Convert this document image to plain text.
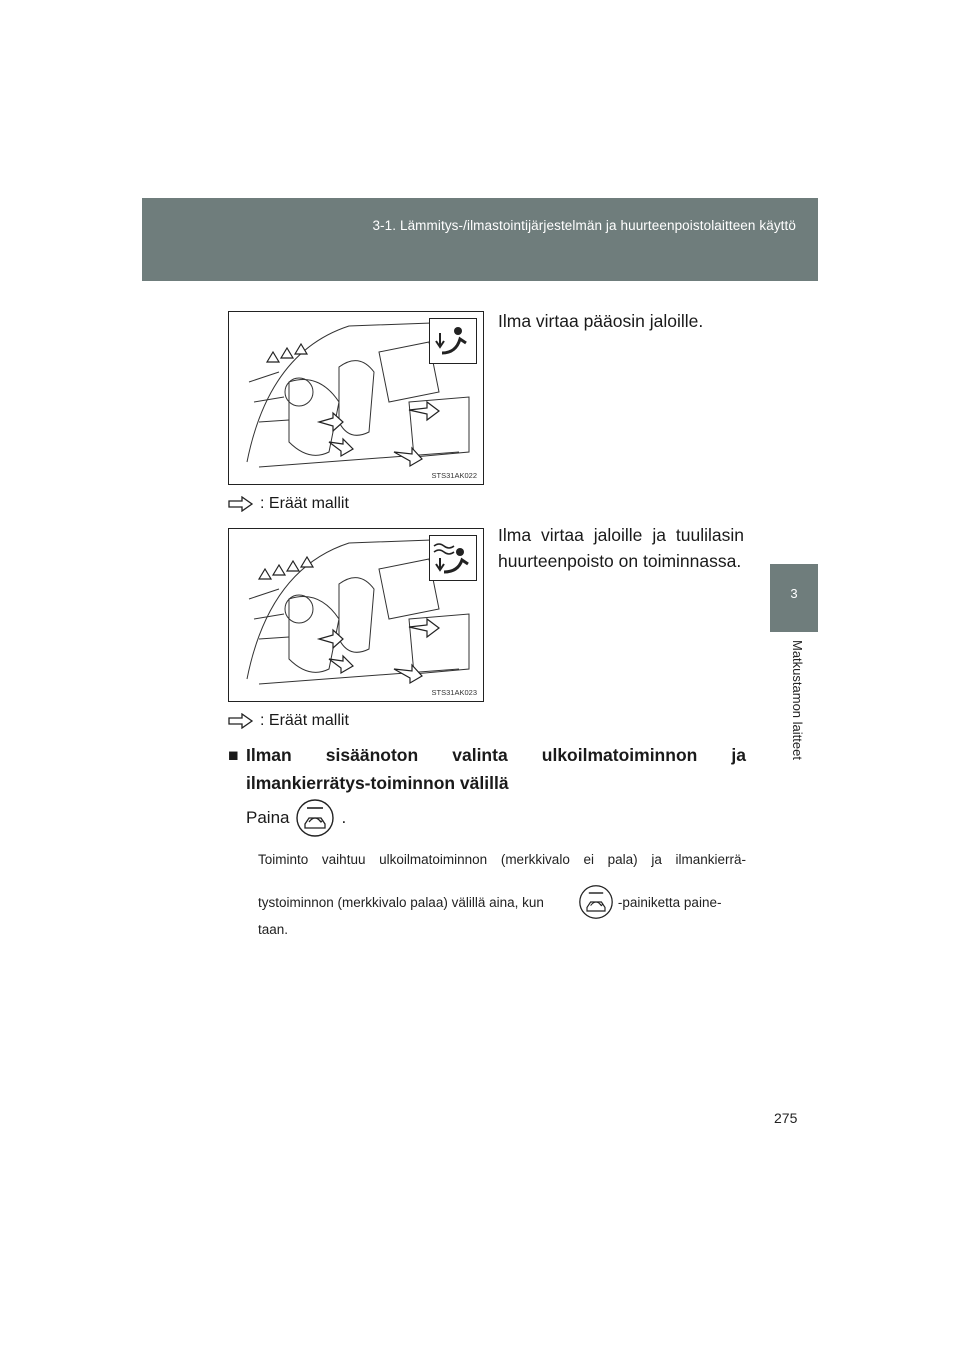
3-1. Lämmitys-/ilmastointijärjestelmän ja huurteenpoistolaitteen käyttö
3
Matkustamon laitteet
STS31AK022
Ilma virtaa pääosin jaloille.
: Eräät mallit
STS31AK023
Ilma virtaa jaloille ja tuulilasin huurteenpoisto on toiminnassa.
: Eräät mallit
■ Ilman sisäänoton valinta ulkoilmatoiminnon ja ilmankierrätys-toiminnon välillä
Paina	.
Toiminto vaihtuu ulkoilmatoiminnon (merkkivalo ei pala) ja ilmankierrä-
tystoiminnon (merkkivalo palaa) välillä aina, kun	-painiketta paine-
taan.
275
